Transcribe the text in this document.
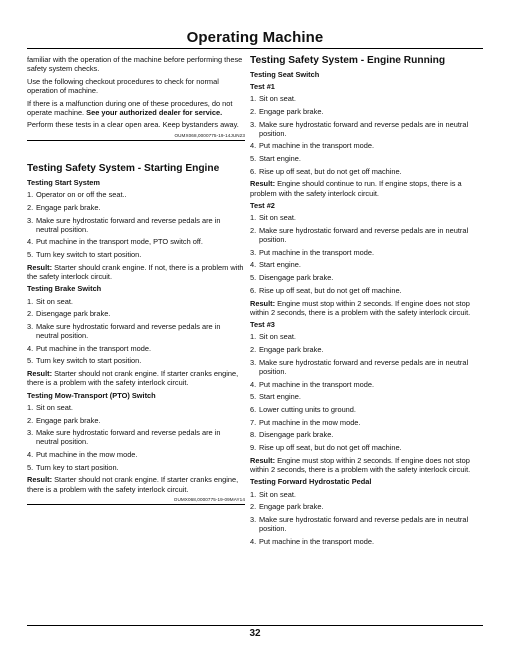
Operating Machine

familiar with the operation of the machine before performing these safety system checks.

Use the following checkout procedures to check for normal operation of machine.

If there is a malfunction during one of these procedures, do not operate machine. See your authorized dealer for service.

Perform these tests in a clear open area. Keep bystanders away.

OUMX068,0000775-19-14JUN23
Testing Safety System - Starting Engine
Testing Start System
1. Operator on or off the seat..
2. Engage park brake.
3. Make sure hydrostatic forward and reverse pedals are in neutral position.
4. Put machine in the transport mode, PTO switch off.
5. Turn key switch to start position.

Result: Starter should crank engine. If not, there is a problem with the safety interlock circuit.

Testing Brake Switch
1. Sit on seat.
2. Disengage park brake.
3. Make sure hydrostatic forward and reverse pedals are in neutral position.
4. Put machine in the transport mode.
5. Turn key switch to start position.

Result: Starter should not crank engine. If starter cranks engine, there is a problem with the safety interlock circuit.

Testing Mow-Transport (PTO) Switch
1. Sit on seat.
2. Engage park brake.
3. Make sure hydrostatic forward and reverse pedals are in neutral position.
4. Put machine in the mow mode.
5. Turn key to start position.

Result: Starter should not crank engine. If starter cranks engine, there is a problem with the safety interlock circuit.

OUMX068,0000775-19-09MAY14
Testing Safety System - Engine Running
Testing Seat Switch
Test #1
1. Sit on seat.
2. Engage park brake.
3. Make sure hydrostatic forward and reverse pedals are in neutral position.
4. Put machine in the transport mode.
5. Start engine.
6. Rise up off seat, but do not get off machine.

Result: Engine should continue to run. If engine stops, there is a problem with the safety interlock circuit.

Test #2
1. Sit on seat.
2. Make sure hydrostatic forward and reverse pedals are in neutral position.
3. Put machine in the transport mode.
4. Start engine.
5. Disengage park brake.
6. Rise up off seat, but do not get off machine.

Result: Engine must stop within 2 seconds. If engine does not stop within 2 seconds, there is a problem with the safety interlock circuit.

Test #3
1. Sit on seat.
2. Engage park brake.
3. Make sure hydrostatic forward and reverse pedals are in neutral position.
4. Put machine in the transport mode.
5. Start engine.
6. Lower cutting units to ground.
7. Put machine in the mow mode.
8. Disengage park brake.
9. Rise up off seat, but do not get off machine.

Result: Engine must stop within 2 seconds. If engine does not stop within 2 seconds, there is a problem with the safety interlock circuit.

Testing Forward Hydrostatic Pedal
1. Sit on seat.
2. Engage park brake.
3. Make sure hydrostatic forward and reverse pedals are in neutral position.
4. Put machine in the transport mode.
32
